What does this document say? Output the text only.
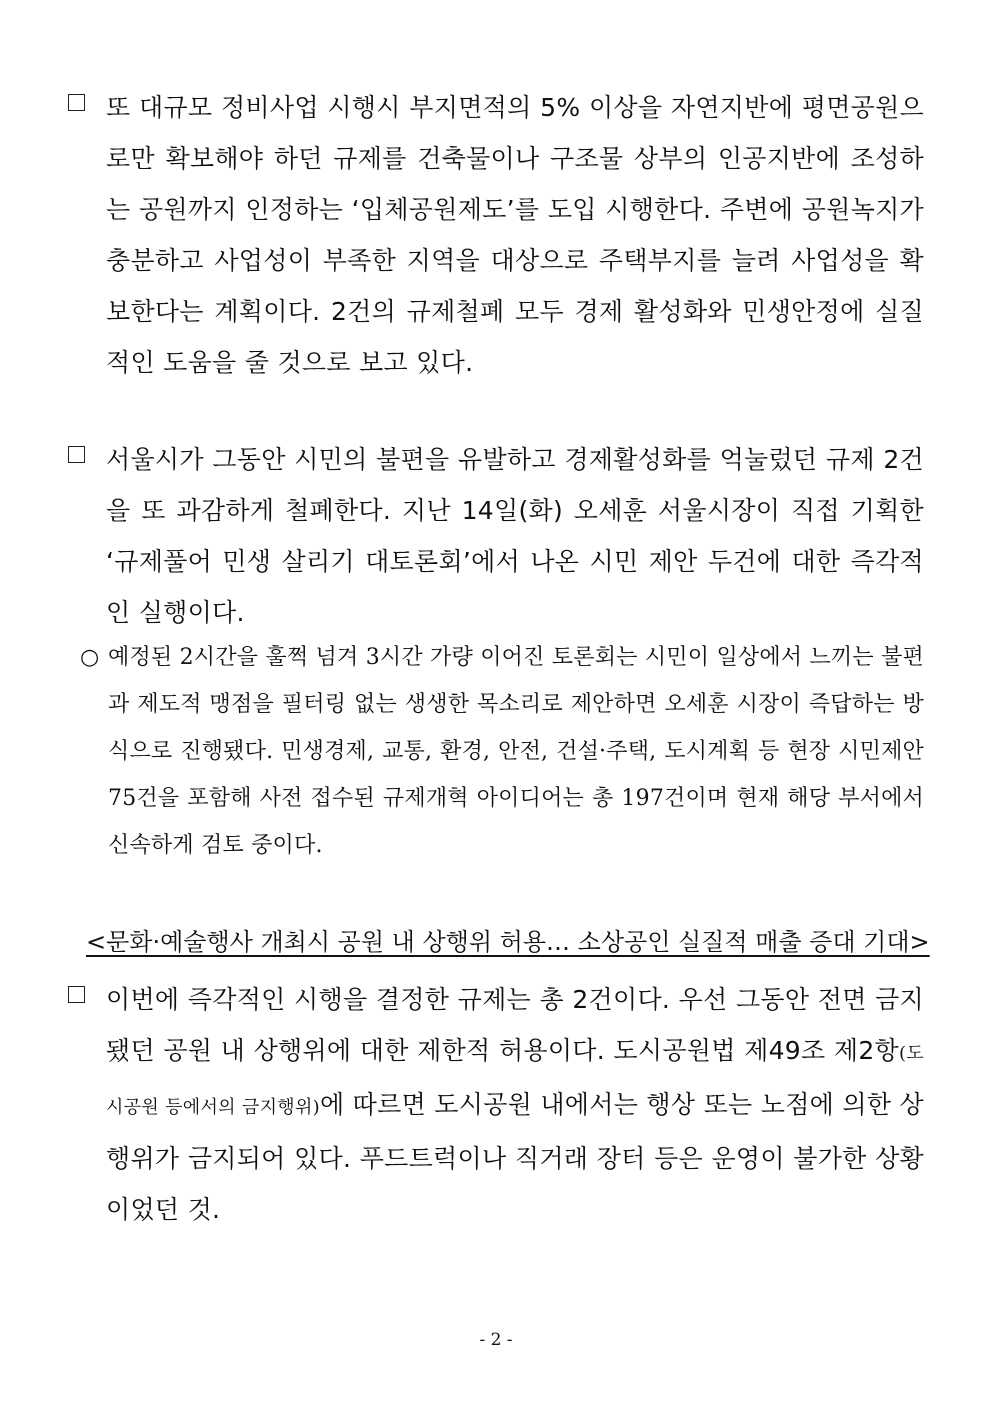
또 대규모 정비사업 시행시 부지면적의 5% 이상을 자연지반에 평면공원으로만 확보해야 하던 규제를 건축물이나 구조물 상부의 인공지반에 조성하는 공원까지 인정하는 ‘입체공원제도’를 도입 시행한다. 주변에 공원녹지가 충분하고 사업성이 부족한 지역을 대상으로 주택부지를 늘려 사업성을 확보한다는 계획이다. 2건의 규제철폐 모두 경제 활성화와 민생안정에 실질적인 도움을 줄 것으로 보고 있다.
서울시가 그동안 시민의 불편을 유발하고 경제활성화를 억눌렀던 규제 2건을 또 과감하게 철폐한다. 지난 14일(화) 오세훈 서울시장이 직접 기획한 ‘규제풀어 민생 살리기 대토론회’에서 나온 시민 제안 두건에 대한 즉각적인 실행이다.
○ 예정된 2시간을 훌쩍 넘겨 3시간 가량 이어진 토론회는 시민이 일상에서 느끼는 불편과 제도적 맹점을 필터링 없는 생생한 목소리로 제안하면 오세훈 시장이 즉답하는 방식으로 진행됐다. 민생경제, 교통, 환경, 안전, 건설·주택, 도시계획 등 현장 시민제안 75건을 포함해 사전 접수된 규제개혁 아이디어는 총 197건이며 현재 해당 부서에서 신속하게 검토 중이다.
<문화·예술행사 개최시 공원 내 상행위 허용… 소상공인 실질적 매출 증대 기대>
이번에 즉각적인 시행을 결정한 규제는 총 2건이다. 우선 그동안 전면 금지됐던 공원 내 상행위에 대한 제한적 허용이다. 도시공원법 제49조 제2항(도시공원 등에서의 금지행위)에 따르면 도시공원 내에서는 행상 또는 노점에 의한 상행위가 금지되어 있다. 푸드트럭이나 직거래 장터 등은 운영이 불가한 상황이었던 것.
- 2 -
